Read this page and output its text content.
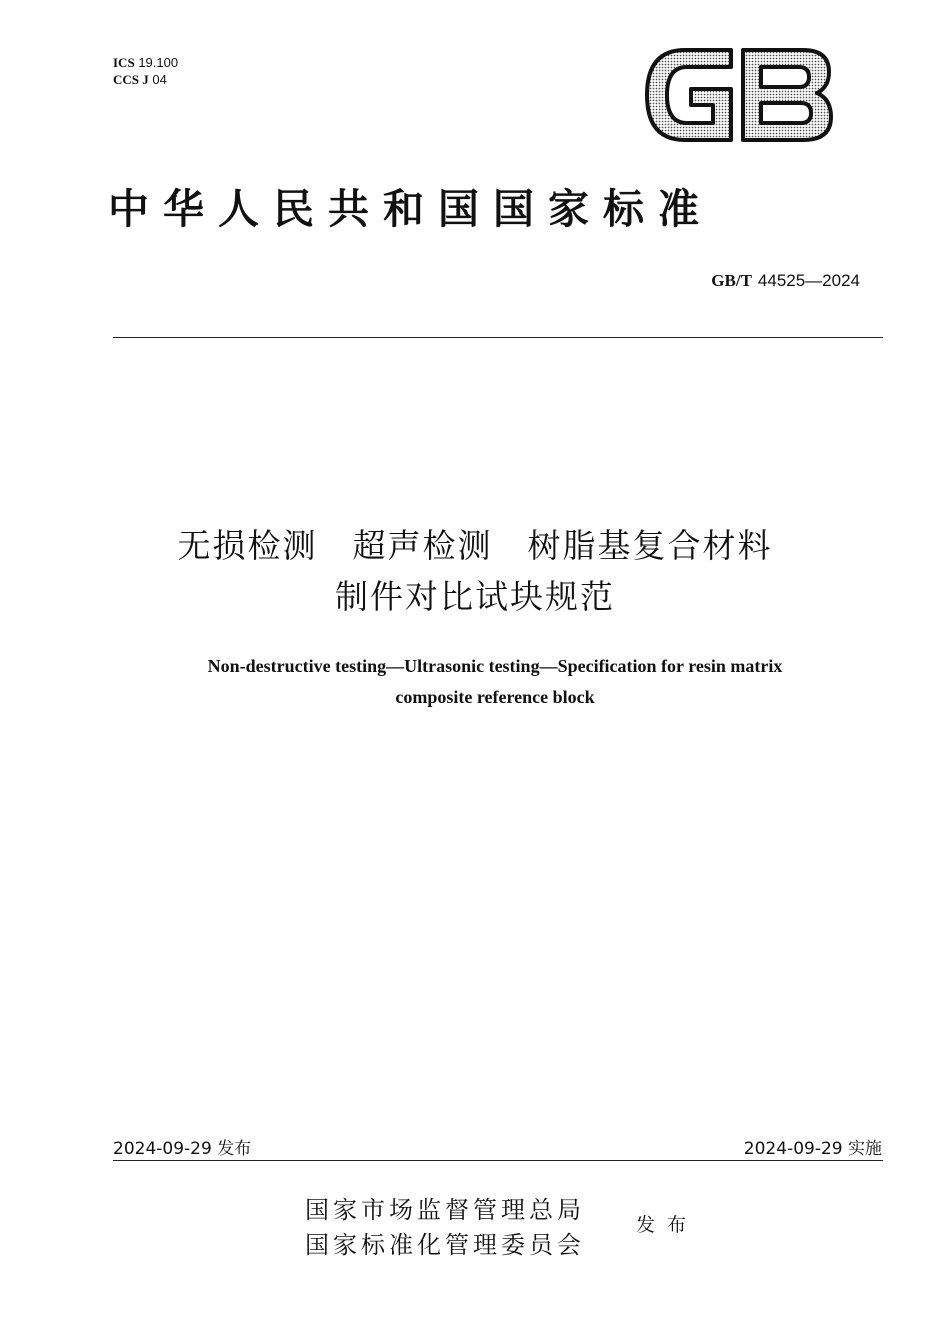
ICS 19.100
CCS J 04
中华人民共和国国家标准
GB/T 44525—2024
无损检测　超声检测　树脂基复合材料
制件对比试块规范
Non-destructive testing—Ultrasonic testing—Specification for resin matrix
composite reference block
2024-09-29 发布	2024-09-29 实施
国家市场监督管理总局
国家标准化管理委员会
发布
